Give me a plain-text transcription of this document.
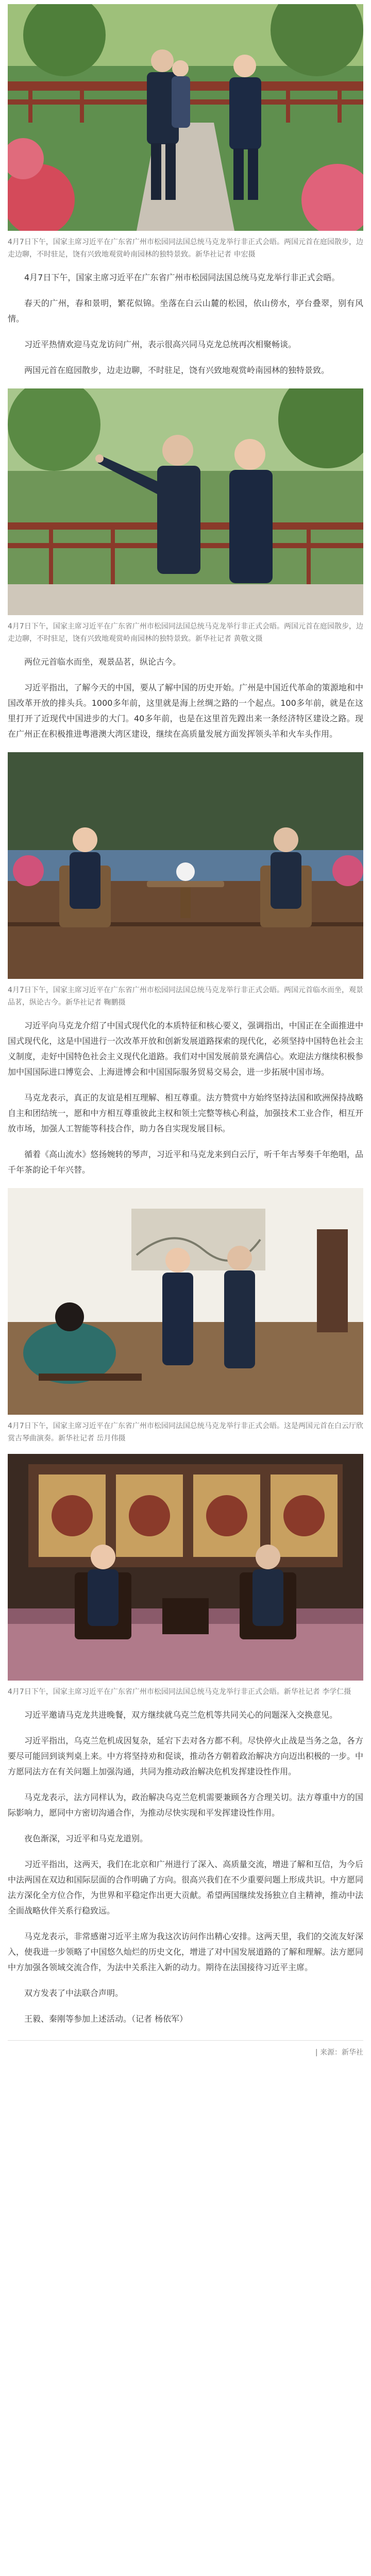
4月7日下午，国家主席习近平在广东省广州市松园同法国总统马克龙举行非正式会晤。两国元首在庭园散步，边走边聊，不时驻足，饶有兴致地观赏岭南园林的独特景致。新华社记者 申宏摄

4月7日下午，国家主席习近平在广东省广州市松园同法国总统马克龙举行非正式会晤。

春天的广州，春和景明，繁花似锦。坐落在白云山麓的松园，依山傍水，亭台叠翠，别有风情。

习近平热情欢迎马克龙访问广州，表示很高兴同马克龙总统再次相聚畅谈。

两国元首在庭园散步，边走边聊，不时驻足，饶有兴致地观赏岭南园林的独特景致。

4月7日下午，国家主席习近平在广东省广州市松园同法国总统马克龙举行非正式会晤。两国元首在庭园散步，边走边聊，不时驻足，饶有兴致地观赏岭南园林的独特景致。新华社记者 黄敬文摄

两位元首临水而坐，观景品茗，纵论古今。

习近平指出，了解今天的中国，要从了解中国的历史开始。广州是中国近代革命的策源地和中国改革开放的排头兵。1000多年前，这里就是海上丝绸之路的一个起点。100多年前，就是在这里打开了近现代中国进步的大门。40多年前，也是在这里首先蹚出来一条经济特区建设之路。现在广州正在积极推进粤港澳大湾区建设，继续在高质量发展方面发挥领头羊和火车头作用。

4月7日下午，国家主席习近平在广东省广州市松园同法国总统马克龙举行非正式会晤。两国元首临水而坐，观景品茗，纵论古今。新华社记者 鞠鹏摄

习近平向马克龙介绍了中国式现代化的本质特征和核心要义，强调指出，中国正在全面推进中国式现代化，这是中国进行一次改革开放和创新发展道路探索的现代化，必须坚持中国特色社会主义制度，走好中国特色社会主义现代化道路。我们对中国发展前景充满信心。欢迎法方继续积极参加中国国际进口博览会、上海进博会和中国国际服务贸易交易会，进一步拓展中国市场。

马克龙表示，真正的友谊是相互理解、相互尊重。法方赞赏中方始终坚持法国和欧洲保持战略自主和团结统一，愿和中方相互尊重彼此主权和领土完整等核心利益，加强技术工业合作，相互开放市场，加强人工智能等科技合作，助力各自实现发展目标。

循着《高山流水》悠扬婉转的琴声，习近平和马克龙来到白云厅，听千年古琴奏千年绝唱，品千年茶韵论千年兴替。

4月7日下午，国家主席习近平在广东省广州市松园同法国总统马克龙举行非正式会晤。这是两国元首在白云厅欣赏古琴曲演奏。新华社记者 岳月伟摄
4月7日下午，国家主席习近平在广东省广州市松园同法国总统马克龙举行非正式会晤。新华社记者 李学仁摄

习近平邀请马克龙共进晚餐，双方继续就乌克兰危机等共同关心的问题深入交换意见。

习近平指出，乌克兰危机成因复杂，延宕下去对各方都不利。尽快停火止战是当务之急，各方要尽可能回到谈判桌上来。中方将坚持劝和促谈，推动各方朝着政治解决方向迈出积极的一步。中方愿同法方在有关问题上加强沟通，共同为推动政治解决危机发挥建设性作用。

马克龙表示，法方同样认为，政治解决乌克兰危机需要兼顾各方合理关切。法方尊重中方的国际影响力，愿同中方密切沟通合作，为推动尽快实现和平发挥建设性作用。

夜色渐深，习近平和马克龙道别。

习近平指出，这两天，我们在北京和广州进行了深入、高质量交流，增进了解和互信，为今后中法两国在双边和国际层面的合作明确了方向。很高兴我们在不少重要问题上形成共识。中方愿同法方深化全方位合作，为世界和平稳定作出更大贡献。希望两国继续发扬独立自主精神，推动中法全面战略伙伴关系行稳致远。

马克龙表示，非常感谢习近平主席为我这次访问作出精心安排。这两天里，我们的交流友好深入，使我进一步领略了中国悠久灿烂的历史文化，增进了对中国发展道路的了解和理解。法方愿同中方加强各领域交流合作，为法中关系注入新的动力。期待在法国接待习近平主席。

双方发表了中法联合声明。

王毅、秦刚等参加上述活动。（记者 杨依军）

| 来源：新华社
